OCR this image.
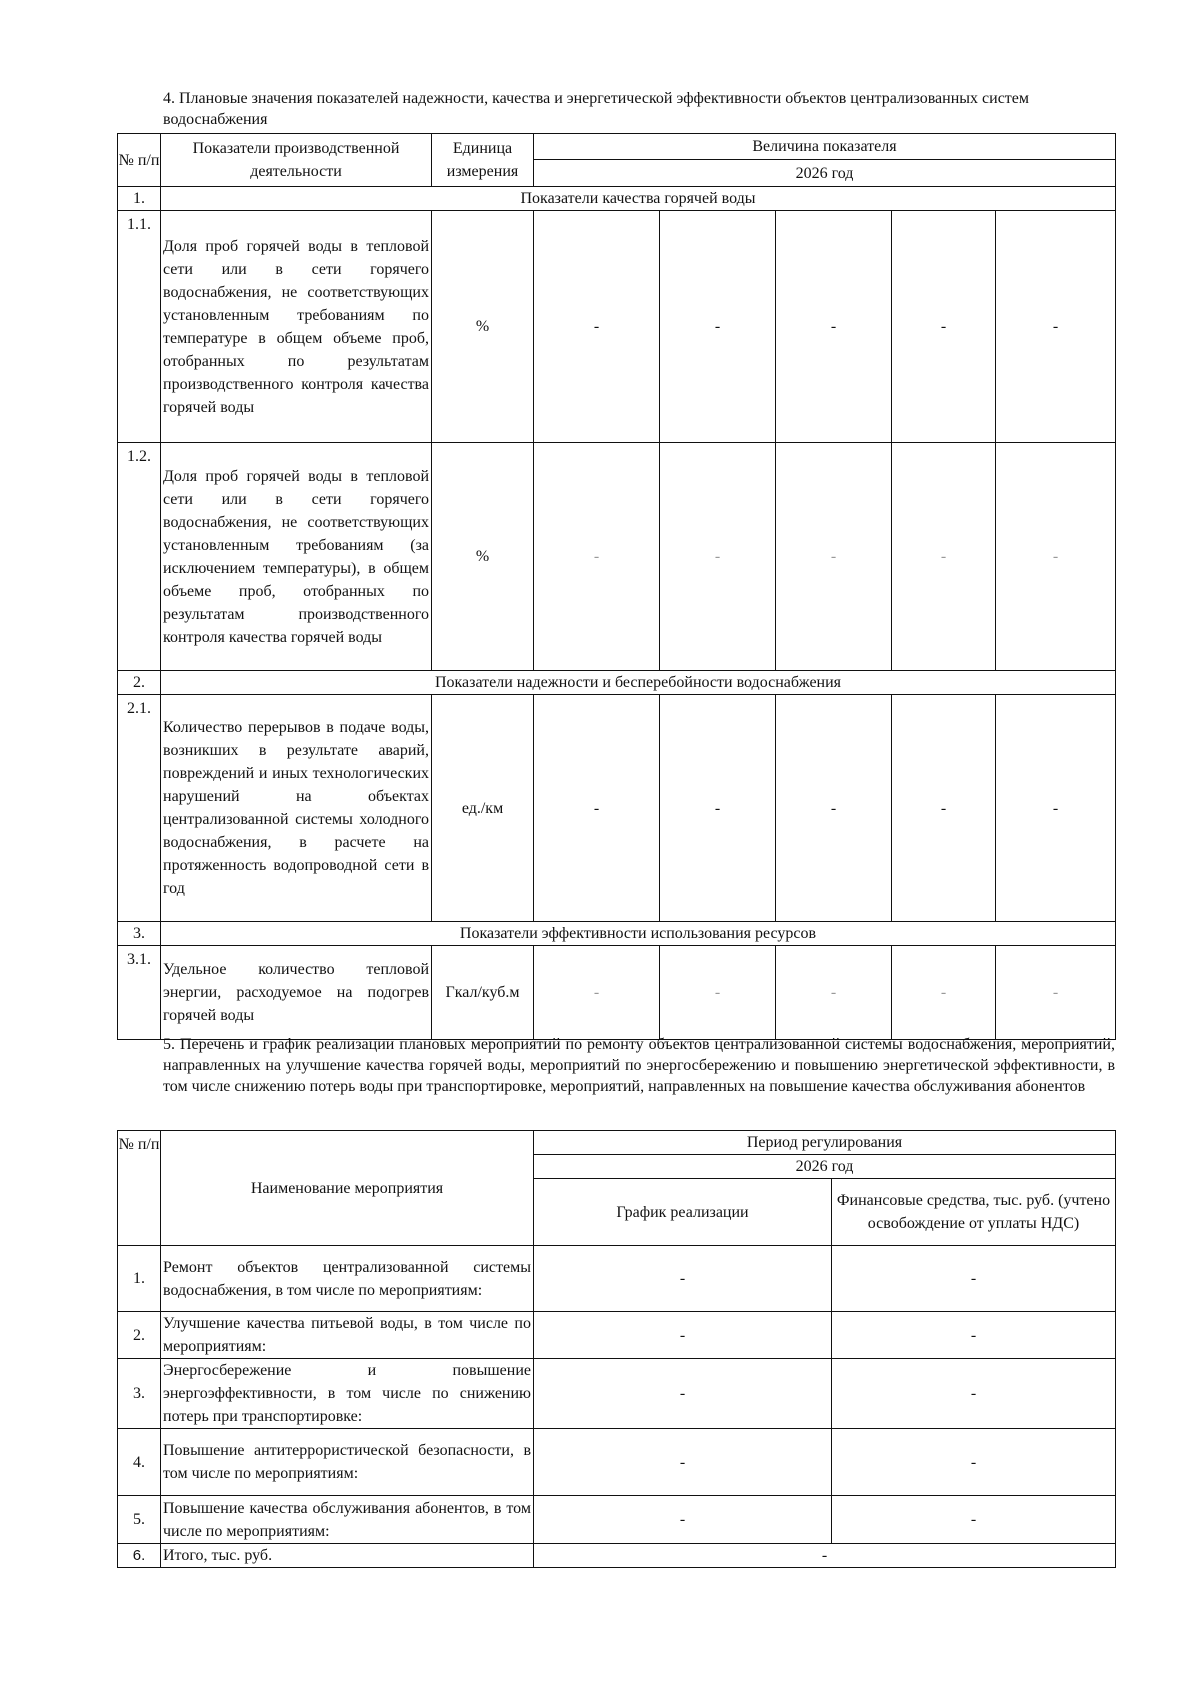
4. Плановые значения показателей надежности, качества и энергетической эффективности объектов централизованных систем водоснабжения
№ п/п	Показатели производственной деятельности	Единица измерения	Величина показателя				
			2026 год				
1.	Показатели качества горячей воды						
1.1.	Доля проб горячей воды в тепловой сети или в сети горячего водоснабжения, не соответствующих установленным требованиям по температуре в общем объеме проб, отобранных по результатам производственного контроля качества горячей воды	%	-	-	-	-	-
1.2.	Доля проб горячей воды в тепловой сети или в сети горячего водоснабжения, не соответствующих установленным требованиям (за исключением температуры), в общем объеме проб, отобранных по результатам производственного контроля качества горячей воды	%	-	-	-	-	-
2.	Показатели надежности и бесперебойности водоснабжения						
2.1.	Количество перерывов в подаче воды, возникших в результате аварий, повреждений и иных технологических нарушений на объектах централизованной системы холодного водоснабжения, в расчете на протяженность водопроводной сети в год	ед./км	-	-	-	-	-
3.	Показатели эффективности использования ресурсов						
3.1.	Удельное количество тепловой энергии, расходуемое на подогрев горячей воды	Гкал/куб.м	-	-	-	-	-
5. Перечень и график реализации плановых мероприятий по ремонту объектов централизованной системы водоснабжения, мероприятий, направленных на улучшение качества горячей воды, мероприятий по энергосбережению и повышению энергетической эффективности, в том числе снижению потерь воды при транспортировке, мероприятий, направленных на повышение качества обслуживания абонентов
№ п/п	Наименование мероприятия	Период регулирования	
		2026 год	
		График реализации	Финансовые средства, тыс. руб. (учтено освобождение от уплаты НДС)
1.	Ремонт объектов централизованной системы водоснабжения, в том числе по мероприятиям:	-	-
2.	Улучшение качества питьевой воды, в том числе по мероприятиям:	-	-
3.	Энергосбережение и повышение энергоэффективности, в том числе по снижению потерь при транспортировке:	-	-
4.	Повышение антитеррористической безопасности, в том числе по мероприятиям:	-	-
5.	Повышение качества обслуживания абонентов, в том числе по мероприятиям:	-	-
6.	Итого, тыс. руб.	-	
